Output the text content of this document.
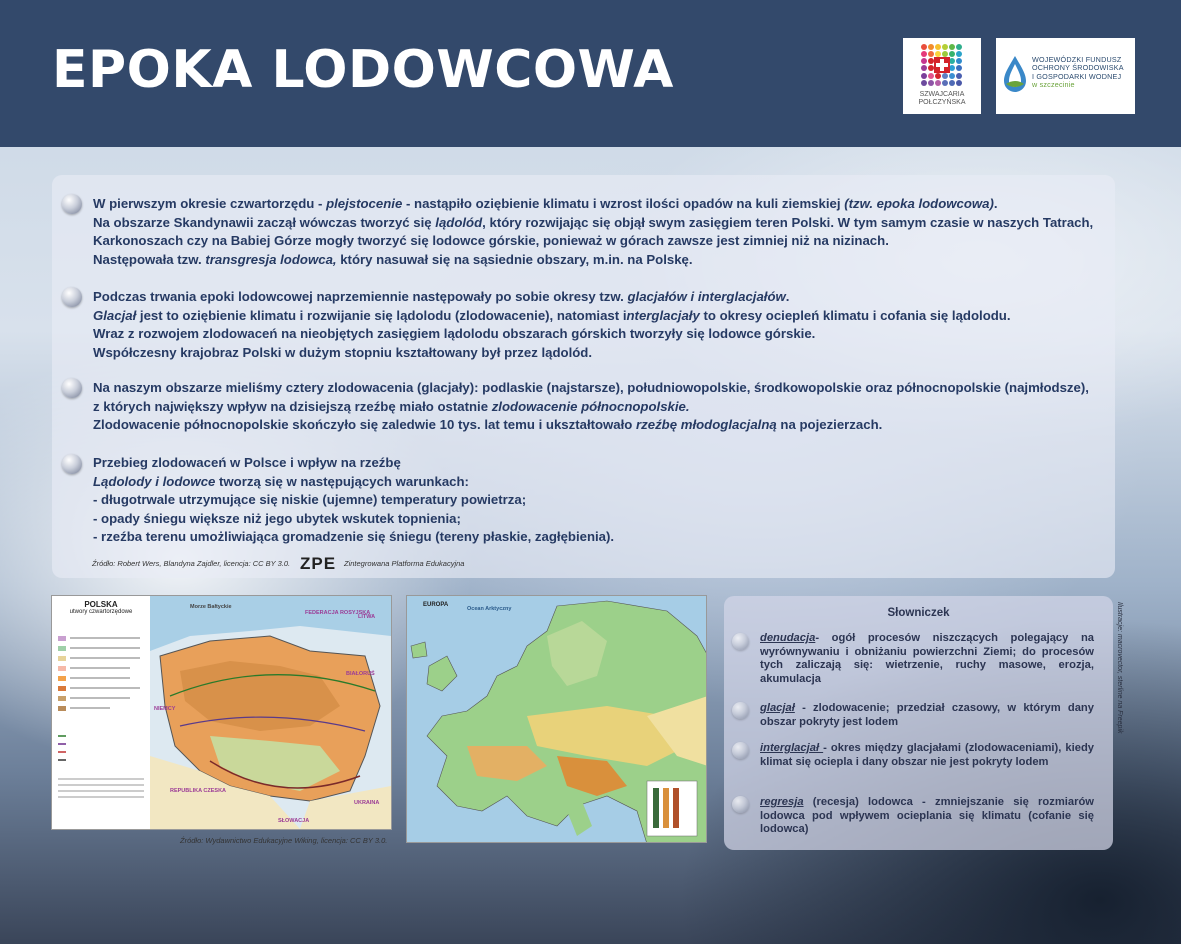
EPOKA LODOWCOWA	SZWAJCARIA
POŁCZYŃSKA
WOJEWÓDZKI FUNDUSZ
OCHRONY ŚRODOWISKA
I GOSPODARKI WODNEJ
w szczecinie
W pierwszym okresie czwartorzędu - plejstocenie - nastąpiło oziębienie klimatu i wzrost ilości opadów na kuli ziemskiej (tzw. epoka lodowcowa).
Na obszarze Skandynawii zaczął wówczas tworzyć się lądolód, który rozwijając się objął swym zasięgiem teren Polski. W tym samym czasie w naszych Tatrach,
Karkonoszach czy na Babiej Górze mogły tworzyć się lodowce górskie, ponieważ w górach zawsze jest zimniej niż na nizinach.
Następowała tzw. transgresja lodowca, który nasuwał się na sąsiednie obszary, m.in. na Polskę.
Podczas trwania epoki lodowcowej naprzemiennie następowały po sobie okresy tzw. glacjałów i interglacjałów.
Glacjał jest to oziębienie klimatu i rozwijanie się lądolodu (zlodowacenie), natomiast interglacjały to okresy ociepleń klimatu i cofania się lądolodu.
Wraz z rozwojem zlodowaceń na nieobjętych zasięgiem lądolodu obszarach górskich tworzyły się lodowce górskie.
Współczesny krajobraz Polski w dużym stopniu kształtowany był przez lądolód.
Na naszym obszarze mieliśmy cztery zlodowacenia (glacjały): podlaskie (najstarsze), południowopolskie, środkowopolskie oraz północnopolskie (najmłodsze),
z których największy wpływ na dzisiejszą rzeźbę miało ostatnie zlodowacenie północnopolskie.
Zlodowacenie północnopolskie skończyło się zaledwie 10 tys. lat temu i ukształtowało rzeźbę młodoglacjalną na pojezierzach.
Przebieg zlodowaceń w Polsce i wpływ na rzeźbę
Lądolody i lodowce tworzą się w następujących warunkach:
- długotrwale utrzymujące się niskie (ujemne) temperatury powietrza;
- opady śniegu większe niż jego ubytek wskutek topnienia;
- rzeźba terenu umożliwiająca gromadzenie się śniegu (tereny płaskie, zagłębienia).
Źródło: Robert Wers, Blandyna Zajdler, licencja: CC BY 3.0. ZPE Zintegrowana Platforma Edukacyjna
POLSKA
utwory czwartorzędowe
Morze Bałtyckie
FEDERACJA ROSYJSKA
LITWA
BIAŁORUŚ
REPUBLIKA CZESKA
SŁOWACJA
UKRAINA
NIEMCY
EUROPA
Ocean Arktyczny
Źródło: Wydawnictwo Edukacyjne Wiking, licencja: CC BY 3.0.
Słowniczek
denudacja- ogół procesów niszczących polegający na wyrównywaniu i obniżaniu powierzchni Ziemi; do procesów tych zaliczają się: wietrzenie, ruchy masowe, erozja, akumulacja
glacjał - zlodowacenie; przedział czasowy, w którym dany obszar pokryty jest lodem
interglacjał - okres między glacjałami (zlodowaceniami), kiedy klimat się ociepla i dany obszar nie jest pokryty lodem
regresja (recesja) lodowca - zmniejszanie się rozmiarów lodowca pod wpływem ocieplania się klimatu (cofanie się lodowca)
Ilustracje: macrovector, sterline na Freepik
